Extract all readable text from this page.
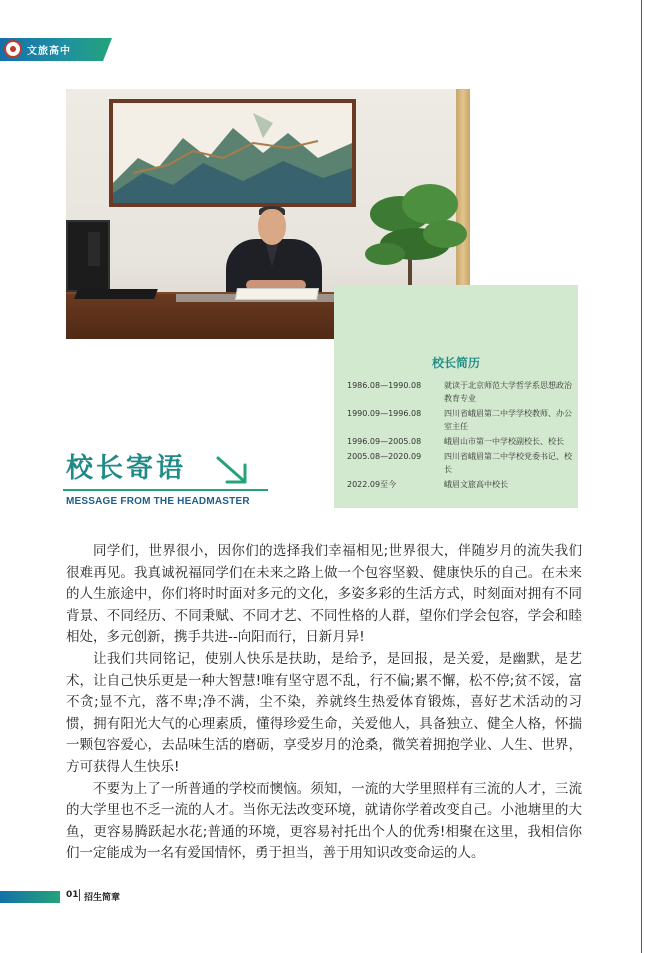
文旅高中
校长简历
1986.08—1990.08	就读于北京师范大学哲学系思想政治教育专业
1990.09—1996.08	四川省峨眉第二中学学校教师、办公室主任
1996.09—2005.08	峨眉山市第一中学校副校长、校长
2005.08—2020.09	四川省峨眉第二中学校党委书记、校长
2022.09至今	峨眉文旅高中校长
校长寄语
MESSAGE FROM THE HEADMASTER

同学们，世界很小，因你们的选择我们幸福相见;世界很大，伴随岁月的流失我们很难再见。我真诚祝福同学们在未来之路上做一个包容坚毅、健康快乐的自己。在未来的人生旅途中，你们将时时面对多元的文化，多姿多彩的生活方式，时刻面对拥有不同背景、不同经历、不同秉赋、不同才艺、不同性格的人群，望你们学会包容，学会和睦相处，多元创新，携手共进--向阳而行，日新月异!

让我们共同铭记，使别人快乐是扶助，是给予，是回报，是关爱，是幽默，是艺术，让自己快乐更是一种大智慧!唯有坚守恩不乱，行不偏;累不懈，松不停;贫不馁，富不贪;显不亢，落不卑;净不满，尘不染，养就终生热爱体育锻炼，喜好艺术活动的习惯，拥有阳光大气的心理素质，懂得珍爱生命，关爱他人，具备独立、健全人格，怀揣一颗包容爱心，去品味生活的磨砺，享受岁月的沧桑，微笑着拥抱学业、人生、世界，方可获得人生快乐!

不要为上了一所普通的学校而懊恼。须知，一流的大学里照样有三流的人才，三流的大学里也不乏一流的人才。当你无法改变环境，就请你学着改变自己。小池塘里的大鱼，更容易腾跃起水花;普通的环境，更容易衬托出个人的优秀!相聚在这里，我相信你们一定能成为一名有爱国情怀，勇于担当，善于用知识改变命运的人。

01 招生简章
